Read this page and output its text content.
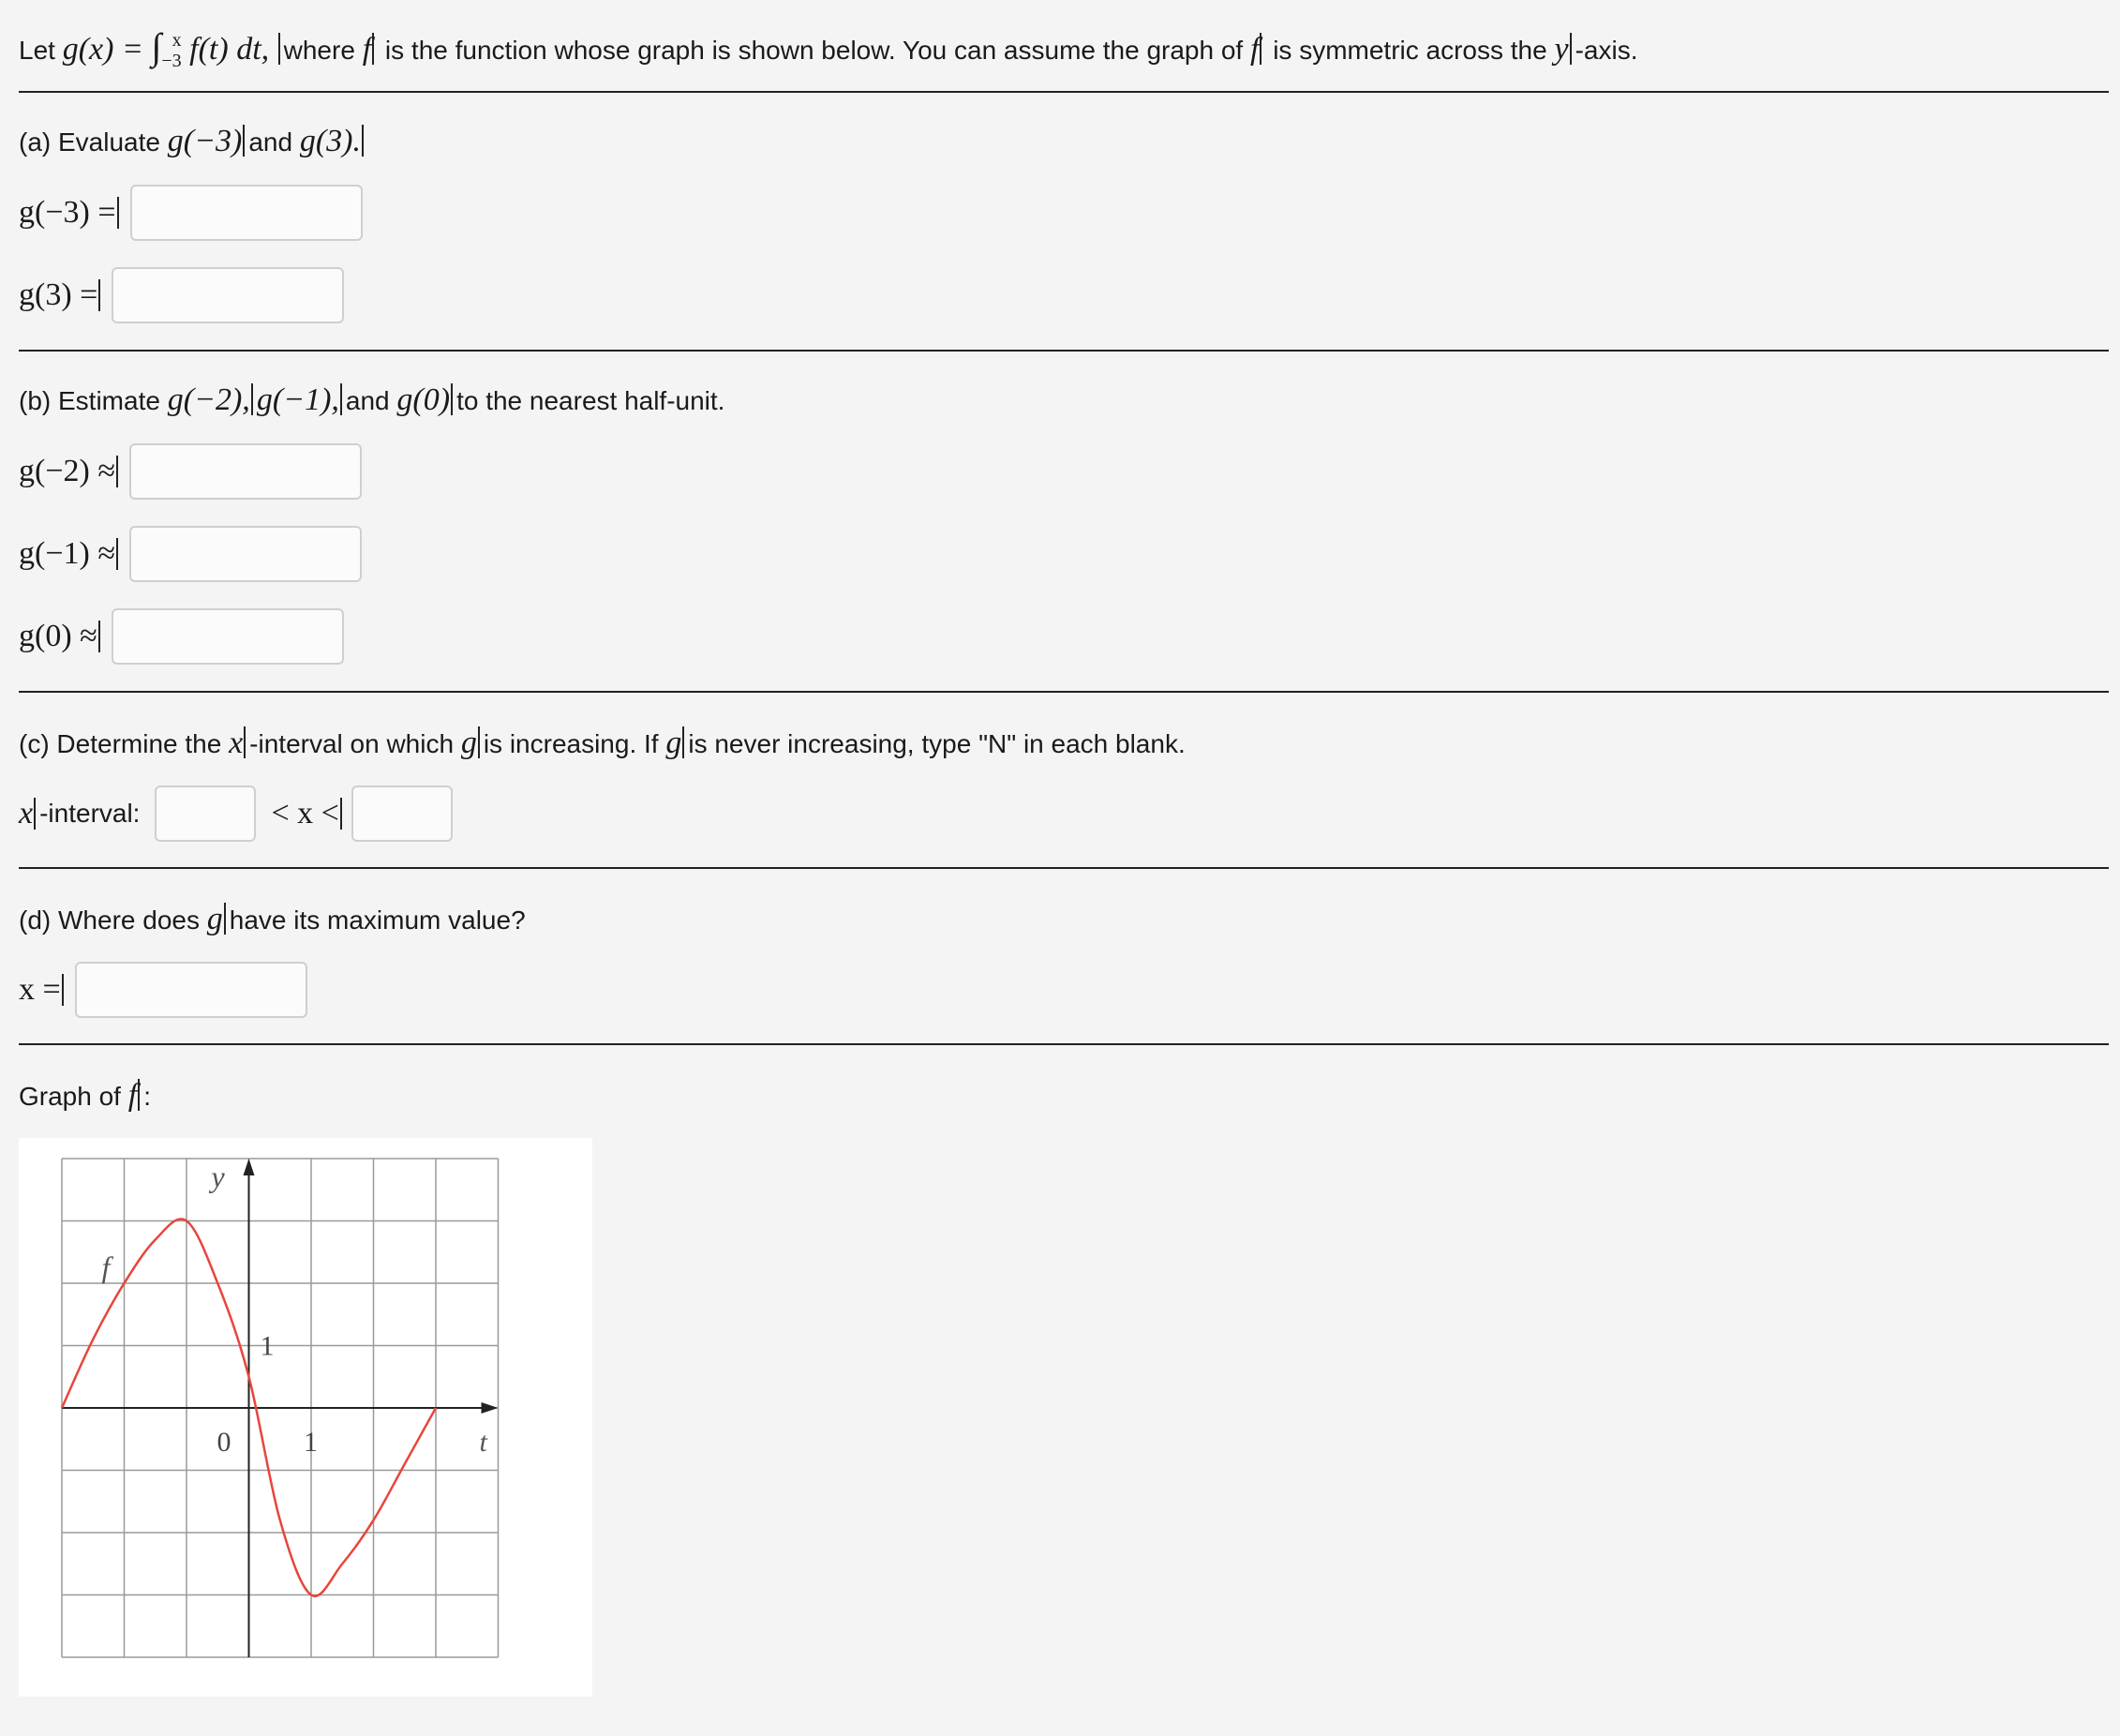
Let $g(x) = \int_{-3}^x$ f(t) dt, where f is the function whose graph is shown below. You can assume the graph of f is symmetric across the y -axis.
(a) Evaluate g(−3) and g(3).
g(−3) =
g(3) =
(b) Estimate g(−2), g(−1), and g(0) to the nearest half-unit.
g(−2) ≈
g(−1) ≈
g(0) ≈
(c) Determine the x -interval on which g is increasing. If g is never increasing, type "N" in each blank.
x -interval:	< x <
(d) Where does g have its maximum value?
x =
Graph of f :
y
t
f
1
0	1
